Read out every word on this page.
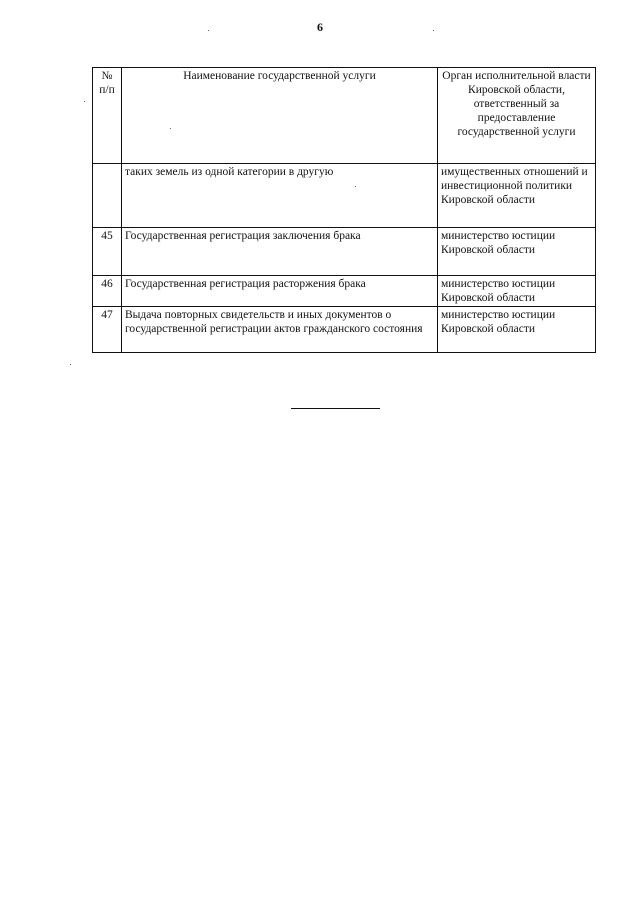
6
№ п/п	Наименование государственной услуги	Орган исполнительной власти Кировской области, ответственный за предоставление государственной услуги
	таких земель из одной категории в другую	имущественных отношений и инвестиционной политики Кировской области
45	Государственная регистрация заключения брака	министерство юстиции Кировской области
46	Государственная регистрация расторжения брака	министерство юстиции Кировской области
47	Выдача повторных свидетельств и иных документов о государственной регистрации актов гражданского состояния	министерство юстиции Кировской области
